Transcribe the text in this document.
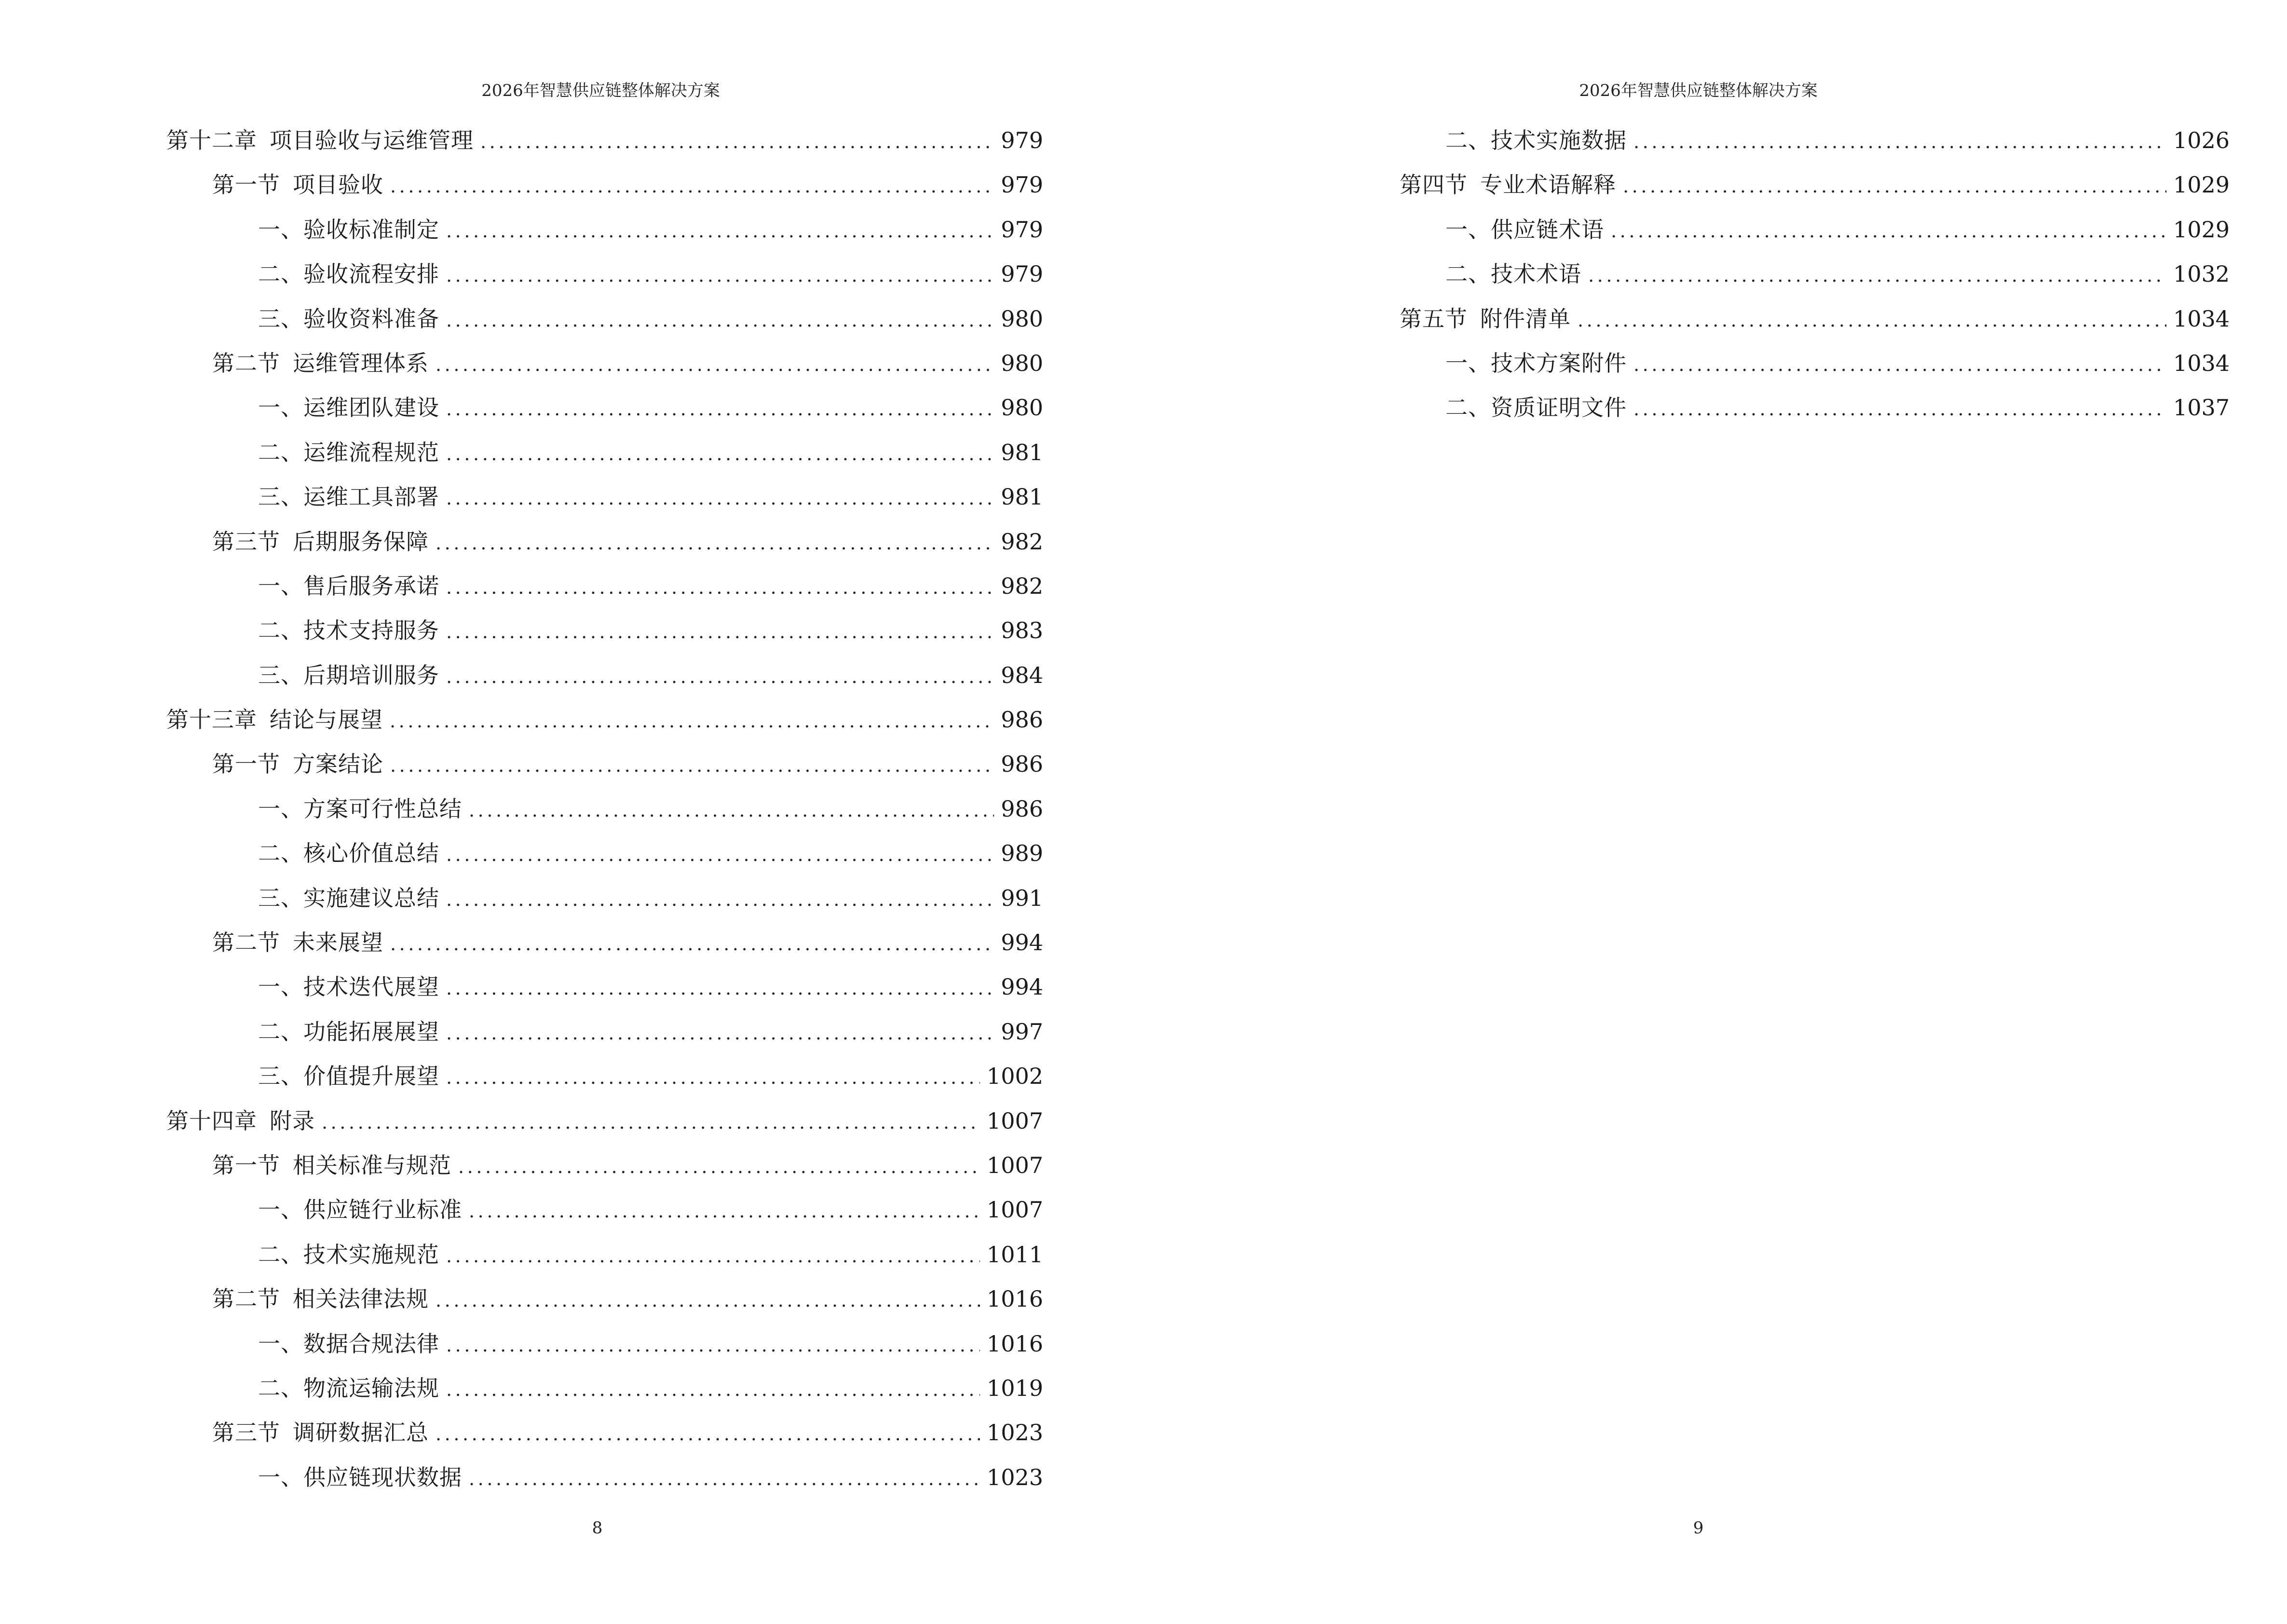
2026年智慧供应链整体解决方案
第十二章 项目验收与运维管理 .....	979
第一节 项目验收 .....	979
一、验收标准制定 .....	979
二、验收流程安排 .....	979
三、验收资料准备 .....	980
第二节 运维管理体系 .....	980
一、运维团队建设 .....	980
二、运维流程规范 .....	981
三、运维工具部署 .....	981
第三节 后期服务保障 .....	982
一、售后服务承诺 .....	982
二、技术支持服务 .....	983
三、后期培训服务 .....	984
第十三章 结论与展望 .....	986
第一节 方案结论 .....	986
一、方案可行性总结 .....	986
二、核心价值总结 .....	989
三、实施建议总结 .....	991
第二节 未来展望 .....	994
一、技术迭代展望 .....	994
二、功能拓展展望 .....	997
三、价值提升展望 .....	1002
第十四章 附录 .....	1007
第一节 相关标准与规范 .....	1007
一、供应链行业标准 .....	1007
二、技术实施规范 .....	1011
第二节 相关法律法规 .....	1016
一、数据合规法律 .....	1016
二、物流运输法规 .....	1019
第三节 调研数据汇总 .....	1023
一、供应链现状数据 .....	1023
8
2026年智慧供应链整体解决方案
二、技术实施数据 .....	1026
第四节 专业术语解释 .....	1029
一、供应链术语 .....	1029
二、技术术语 .....	1032
第五节 附件清单 .....	1034
一、技术方案附件 .....	1034
二、资质证明文件 .....	1037
9
